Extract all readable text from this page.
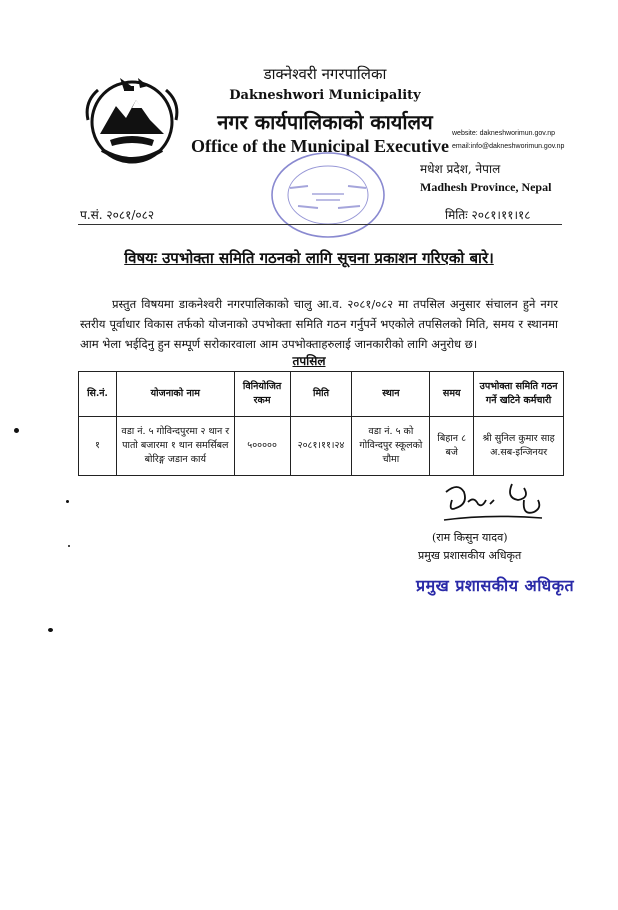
डाक्नेश्वरी नगरपालिका
Dakneshwori Municipality
नगर कार्यपालिकाको कार्यालय
Office of the Municipal Executive
website: dakneshworimun.gov.np
email:info@dakneshworimun.gov.np
मधेश प्रदेश, नेपाल
Madhesh Province, Nepal
प.सं. २०८१/०८२	मितिः २०८१।११।१८
विषयः उपभोक्ता समिति गठनको लागि सूचना प्रकाशन गरिएको बारे।
प्रस्तुत विषयमा डाकनेश्वरी नगरपालिकाको चालु आ.व. २०८१/०८२ मा तपसिल अनुसार संचालन हुने नगर स्तरीय पूर्वाधार विकास तर्फको योजनाको उपभोक्ता समिति गठन गर्नुपर्ने भएकोले तपसिलको मिति, समय र स्थानमा आम भेला भईदिनु हुन सम्पूर्ण सरोकारवाला आम उपभोक्ताहरुलाई जानकारीको लागि अनुरोध छ।
तपसिल
सि.नं.	योजनाको नाम	विनियोजित रकम	मिति	स्थान	समय	उपभोक्ता समिति गठन गर्ने खटिने कर्मचारी
१	वडा नं. ५ गोविन्दपुरमा २ थान र पातो बजारमा १ थान समर्सिबल बोरिङ्ग जडान कार्य	५०००००	२०८१।११।२४	वडा नं. ५ को गोविन्दपुर स्कूलको चौमा	बिहान ८ बजे	श्री सुनिल कुमार साह अ.सब-इन्जिनयर
(राम किसुन यादव)
प्रमुख प्रशासकीय अधिकृत
प्रमुख प्रशासकीय अधिकृत
